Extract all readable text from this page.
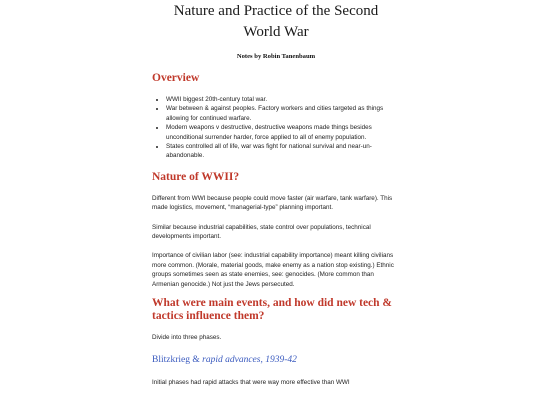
Nature and Practice of the Second
World War
Notes by Robin Tanenbaum
Overview
• WWII biggest 20th-century total war.
• War between & against peoples. Factory workers and cities targeted as things allowing for continued warfare.
• Modern weapons v destructive, destructive weapons made things besides unconditional surrender harder, force applied to all of enemy population.
• States controlled all of life, war was fight for national survival and near-un-abandonable.
Nature of WWII?

Different from WWI because people could move faster (air warfare, tank warfare). This made logistics, movement, “managerial-type” planning important.

Similar because industrial capabilities, state control over populations, technical developments important.

Importance of civilian labor (see: industrial capability importance) meant killing civilians more common. (Morale, material goods, make enemy as a nation stop existing.) Ethnic groups sometimes seen as state enemies, see: genocides. (More common than Armenian genocide.) Not just the Jews persecuted.

What were main events, and how did new tech & tactics influence them?

Divide into three phases.

Blitzkrieg & rapid advances, 1939-42

Initial phases had rapid attacks that were way more effective than WWI
